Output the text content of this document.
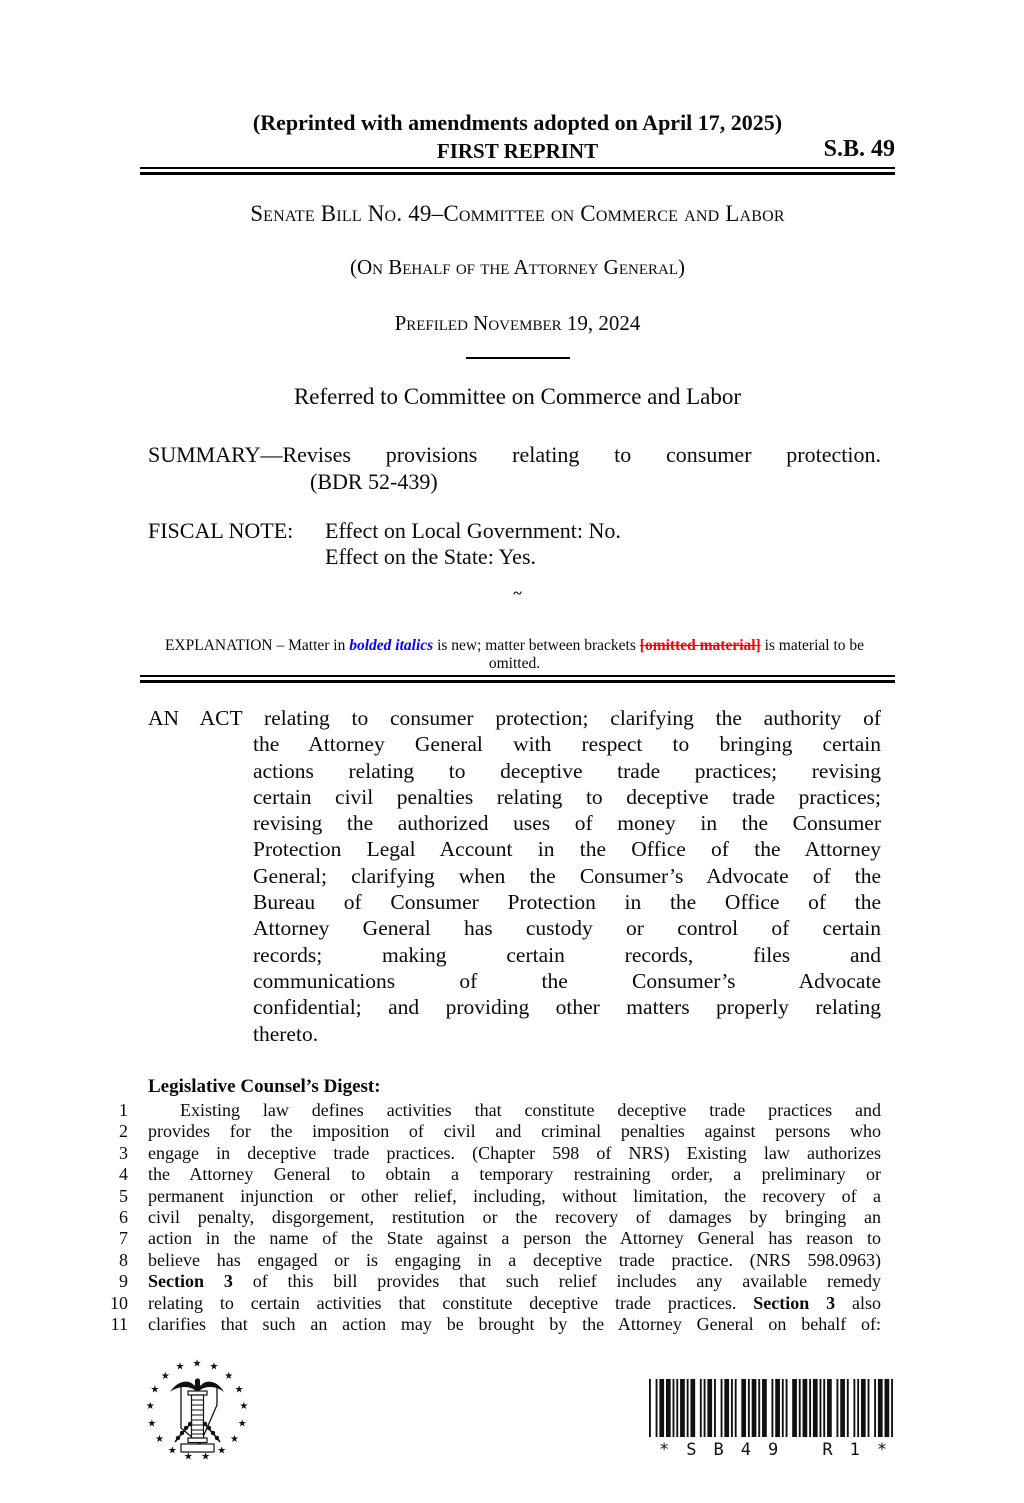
(Reprinted with amendments adopted on April 17, 2025)
FIRST REPRINT	S.B. 49
Senate Bill No. 49–Committee on Commerce and Labor
(On Behalf of the Attorney General)
Prefiled November 19, 2024
Referred to Committee on Commerce and Labor
SUMMARY—Revises provisions relating to consumer protection.
(BDR 52-439)
FISCAL NOTE:	Effect on Local Government: No.
Effect on the State: Yes.
~
EXPLANATION – Matter in bolded italics is new; matter between brackets [omitted material] is material to be omitted.
AN ACT relating to consumer protection; clarifying the authority of
the Attorney General with respect to bringing certain
actions relating to deceptive trade practices; revising
certain civil penalties relating to deceptive trade practices;
revising the authorized uses of money in the Consumer
Protection Legal Account in the Office of the Attorney
General; clarifying when the Consumer’s Advocate of the
Bureau of Consumer Protection in the Office of the
Attorney General has custody or control of certain
records; making certain records, files and
communications of the Consumer’s Advocate
confidential; and providing other matters properly relating
thereto.
Legislative Counsel’s Digest:
1	Existing law defines activities that constitute deceptive trade practices and
2 provides for the imposition of civil and criminal penalties against persons who
3 engage in deceptive trade practices. (Chapter 598 of NRS) Existing law authorizes
4 the Attorney General to obtain a temporary restraining order, a preliminary or
5 permanent injunction or other relief, including, without limitation, the recovery of a
6 civil penalty, disgorgement, restitution or the recovery of damages by bringing an
7 action in the name of the State against a person the Attorney General has reason to
8 believe has engaged or is engaging in a deceptive trade practice. (NRS 598.0963)
9 Section 3 of this bill provides that such relief includes any available remedy
10 relating to certain activities that constitute deceptive trade practices. Section 3 also
11 clarifies that such an action may be brought by the Attorney General on behalf of:
★ ★
★
★
★
★
★
★
★
★
★
★
★
★
★
★
★
*SB49 R1*
